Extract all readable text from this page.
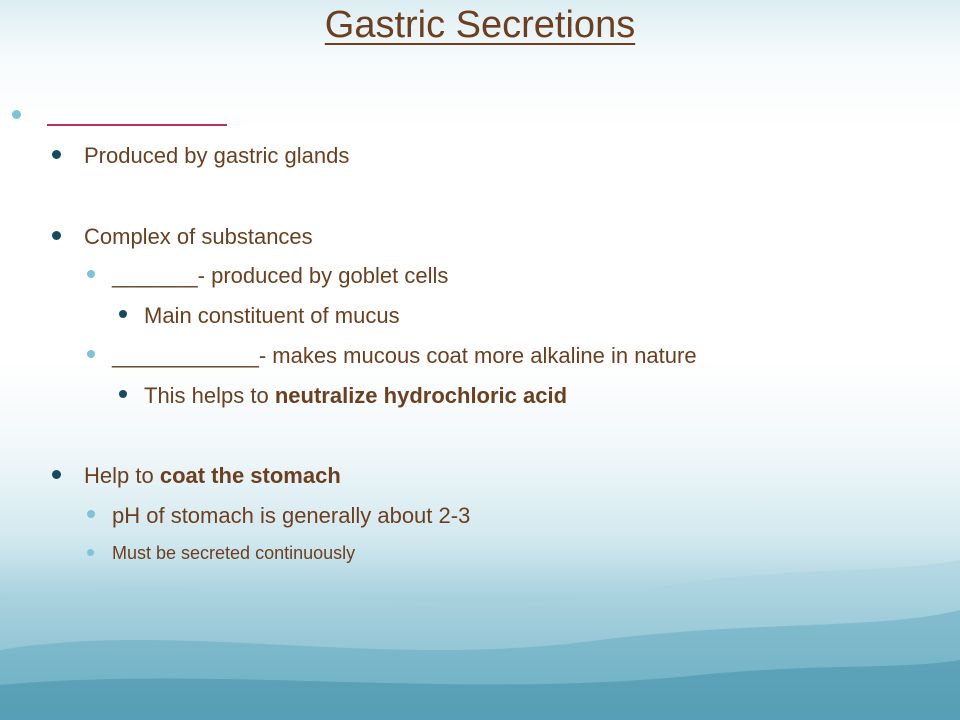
Gastric Secretions
Produced by gastric glands
Complex of substances
_______- produced by goblet cells
Main constituent of mucus
____________- makes mucous coat more alkaline in nature
This helps to neutralize hydrochloric acid
Help to coat the stomach
pH of stomach is generally about 2-3
Must be secreted continuously
